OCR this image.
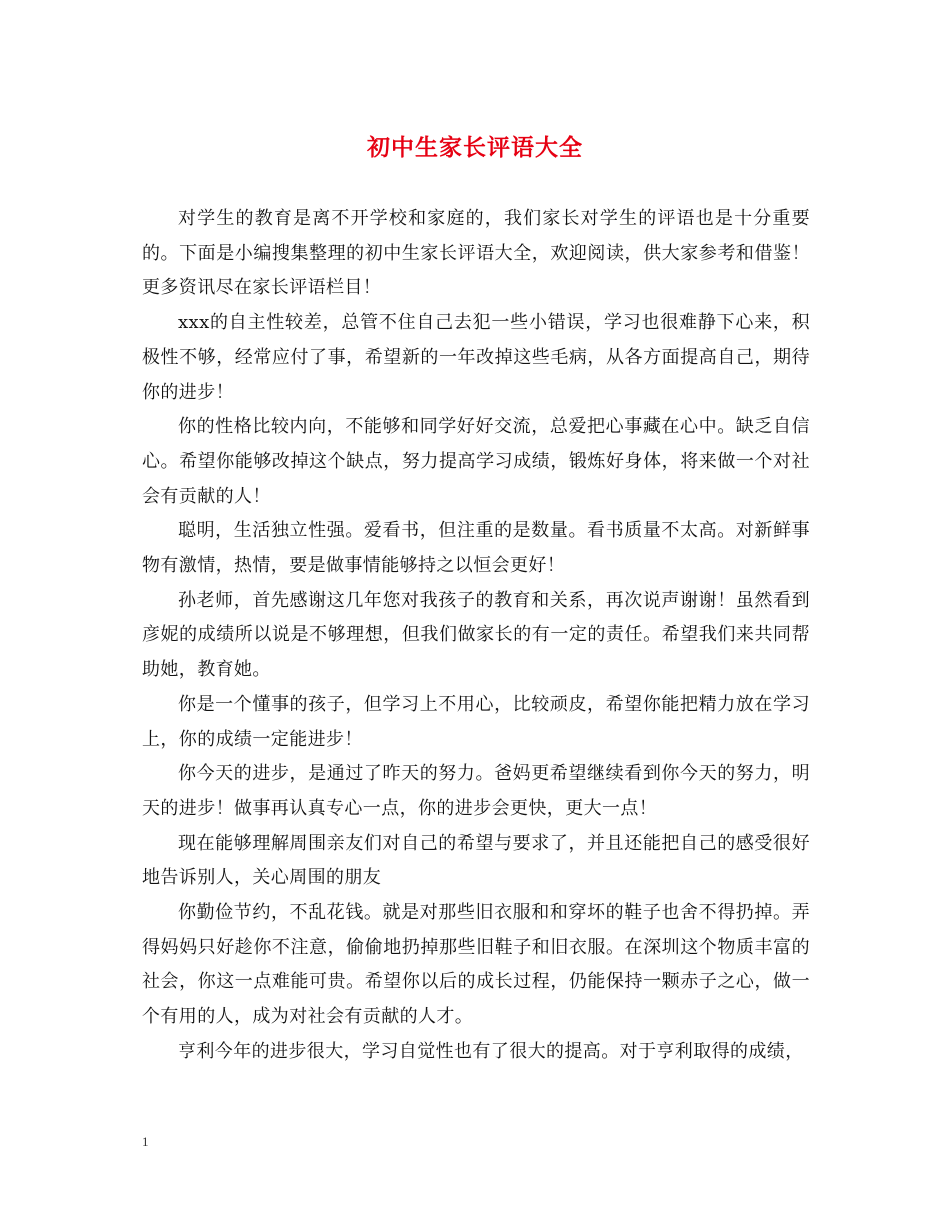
初中生家长评语大全

对学生的教育是离不开学校和家庭的，我们家长对学生的评语也是十分重要的。下面是小编搜集整理的初中生家长评语大全，欢迎阅读，供大家参考和借鉴！更多资讯尽在家长评语栏目！

xxx的自主性较差，总管不住自己去犯一些小错误，学习也很难静下心来，积极性不够，经常应付了事，希望新的一年改掉这些毛病，从各方面提高自己，期待你的进步！

你的性格比较内向，不能够和同学好好交流，总爱把心事藏在心中。缺乏自信心。希望你能够改掉这个缺点，努力提高学习成绩，锻炼好身体，将来做一个对社会有贡献的人！

聪明，生活独立性强。爱看书，但注重的是数量。看书质量不太高。对新鲜事物有激情，热情，要是做事情能够持之以恒会更好！

孙老师，首先感谢这几年您对我孩子的教育和关系，再次说声谢谢！虽然看到彦妮的成绩所以说是不够理想，但我们做家长的有一定的责任。希望我们来共同帮助她，教育她。

你是一个懂事的孩子，但学习上不用心，比较顽皮，希望你能把精力放在学习上，你的成绩一定能进步！

你今天的进步，是通过了昨天的努力。爸妈更希望继续看到你今天的努力，明天的进步！做事再认真专心一点，你的进步会更快，更大一点！

现在能够理解周围亲友们对自己的希望与要求了，并且还能把自己的感受很好地告诉别人，关心周围的朋友

你勤俭节约，不乱花钱。就是对那些旧衣服和和穿坏的鞋子也舍不得扔掉。弄得妈妈只好趁你不注意，偷偷地扔掉那些旧鞋子和旧衣服。在深圳这个物质丰富的社会，你这一点难能可贵。希望你以后的成长过程，仍能保持一颗赤子之心，做一个有用的人，成为对社会有贡献的人才。

亨利今年的进步很大，学习自觉性也有了很大的提高。对于亨利取得的成绩，

1
